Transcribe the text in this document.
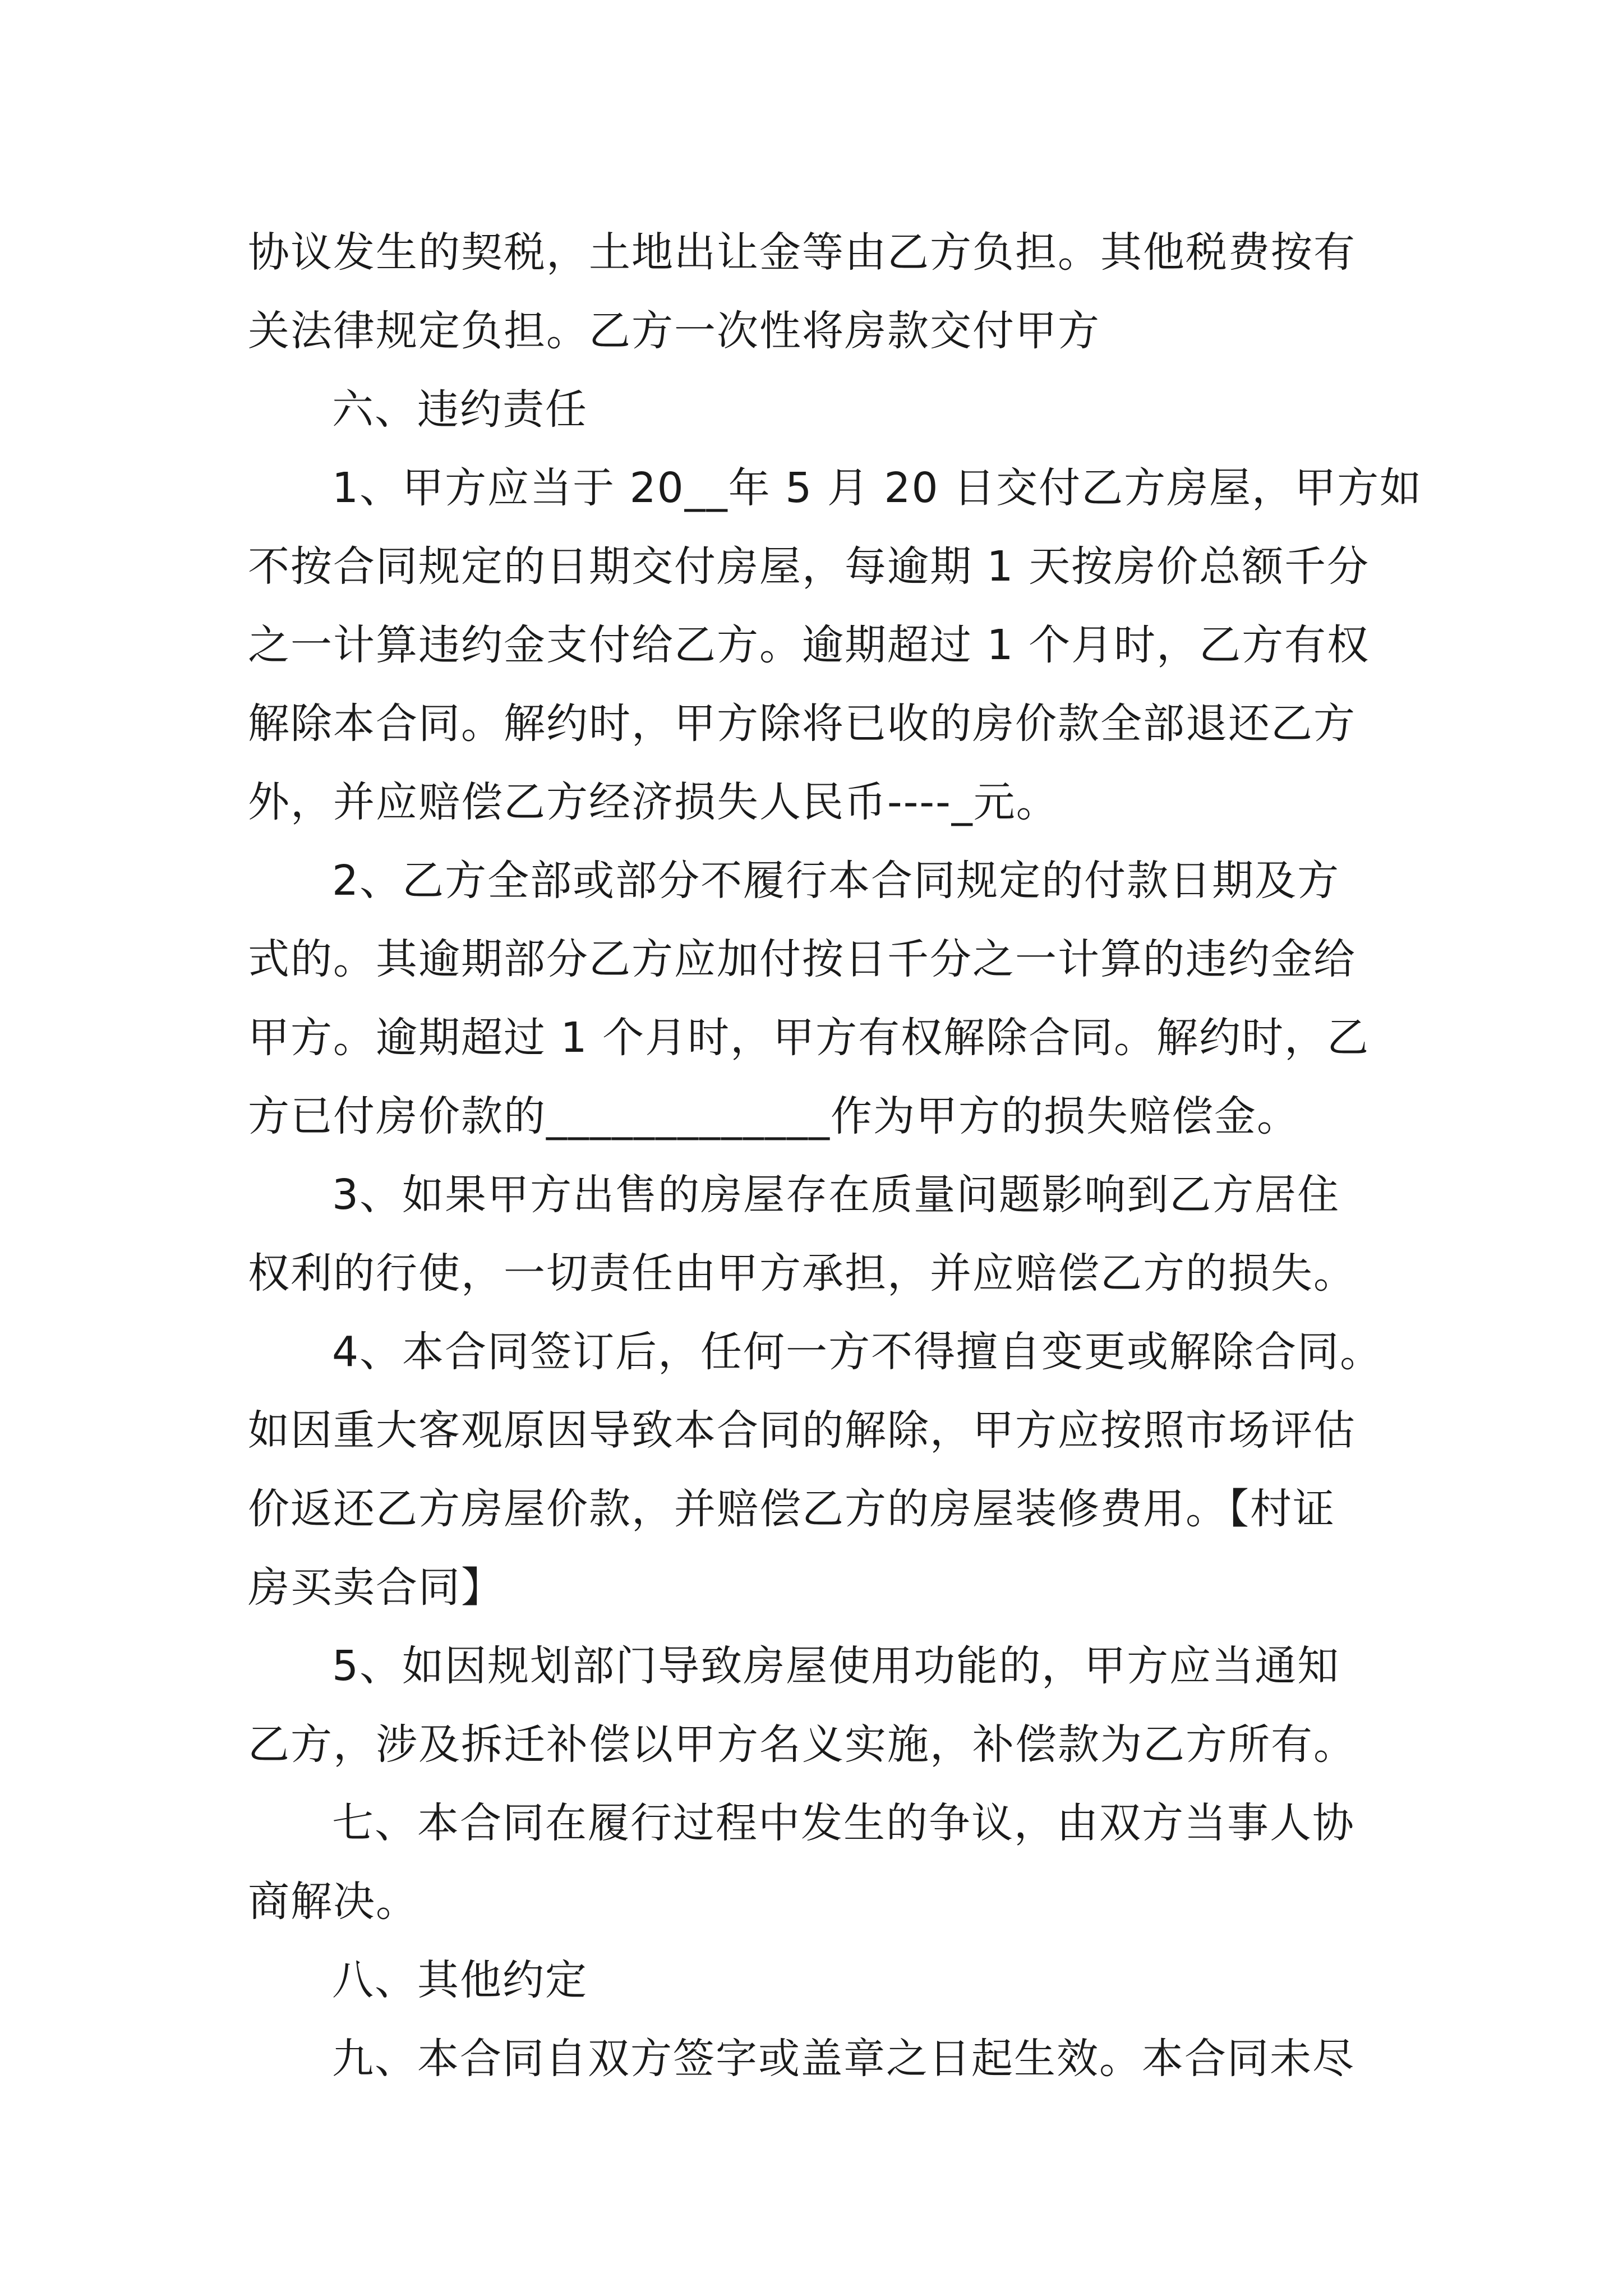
协议发生的契税，土地出让金等由乙方负担。其他税费按有
关法律规定负担。乙方一次性将房款交付甲方
六、违约责任
1、甲方应当于 20__年 5 月 20 日交付乙方房屋，甲方如
不按合同规定的日期交付房屋，每逾期 1 天按房价总额千分
之一计算违约金支付给乙方。逾期超过 1 个月时，乙方有权
解除本合同。解约时，甲方除将已收的房价款全部退还乙方
外，并应赔偿乙方经济损失人民币----_元。
2、乙方全部或部分不履行本合同规定的付款日期及方
式的。其逾期部分乙方应加付按日千分之一计算的违约金给
甲方。逾期超过 1 个月时，甲方有权解除合同。解约时，乙
方已付房价款的_____________作为甲方的损失赔偿金。
3、如果甲方出售的房屋存在质量问题影响到乙方居住
权利的行使，一切责任由甲方承担，并应赔偿乙方的损失。
4、本合同签订后，任何一方不得擅自变更或解除合同。
如因重大客观原因导致本合同的解除，甲方应按照市场评估
价返还乙方房屋价款，并赔偿乙方的房屋装修费用。【村证
房买卖合同】
5、如因规划部门导致房屋使用功能的，甲方应当通知
乙方，涉及拆迁补偿以甲方名义实施，补偿款为乙方所有。
七、本合同在履行过程中发生的争议，由双方当事人协
商解决。
八、其他约定
九、本合同自双方签字或盖章之日起生效。本合同未尽
